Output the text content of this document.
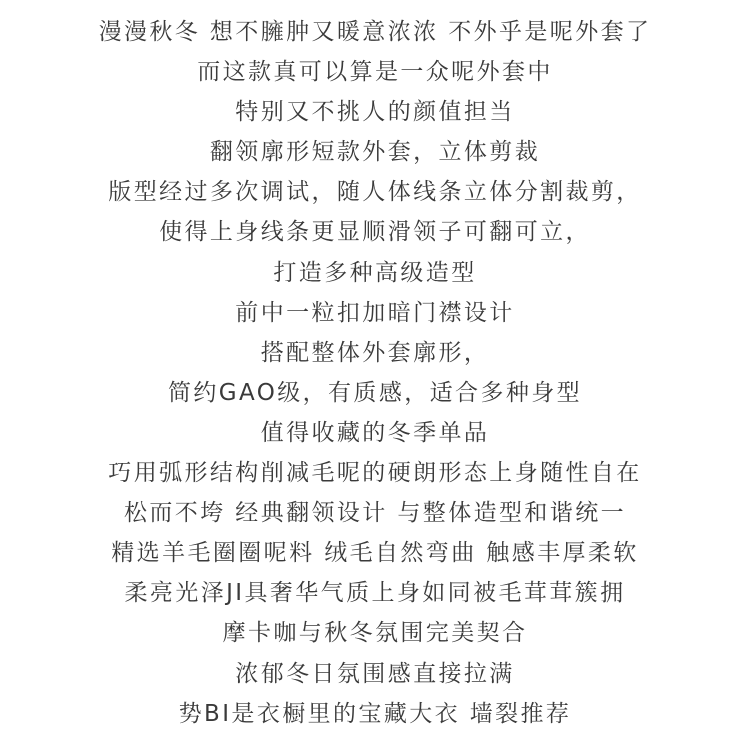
漫漫秋冬 想不臃肿又暖意浓浓 不外乎是呢外套了
而这款真可以算是一众呢外套中
特别又不挑人的颜值担当
翻领廓形短款外套，立体剪裁
版型经过多次调试，随人体线条立体分割裁剪，
使得上身线条更显顺滑领子可翻可立，
打造多种高级造型
前中一粒扣加暗门襟设计
搭配整体外套廓形，
简约GAO级，有质感，适合多种身型
值得收藏的冬季单品
巧用弧形结构削减毛呢的硬朗形态上身随性自在
松而不垮 经典翻领设计 与整体造型和谐统一
精选羊毛圈圈呢料 绒毛自然弯曲 触感丰厚柔软
柔亮光泽JI具奢华气质上身如同被毛茸茸簇拥
摩卡咖与秋冬氛围完美契合
浓郁冬日氛围感直接拉满
势BI是衣橱里的宝藏大衣 墙裂推荐
